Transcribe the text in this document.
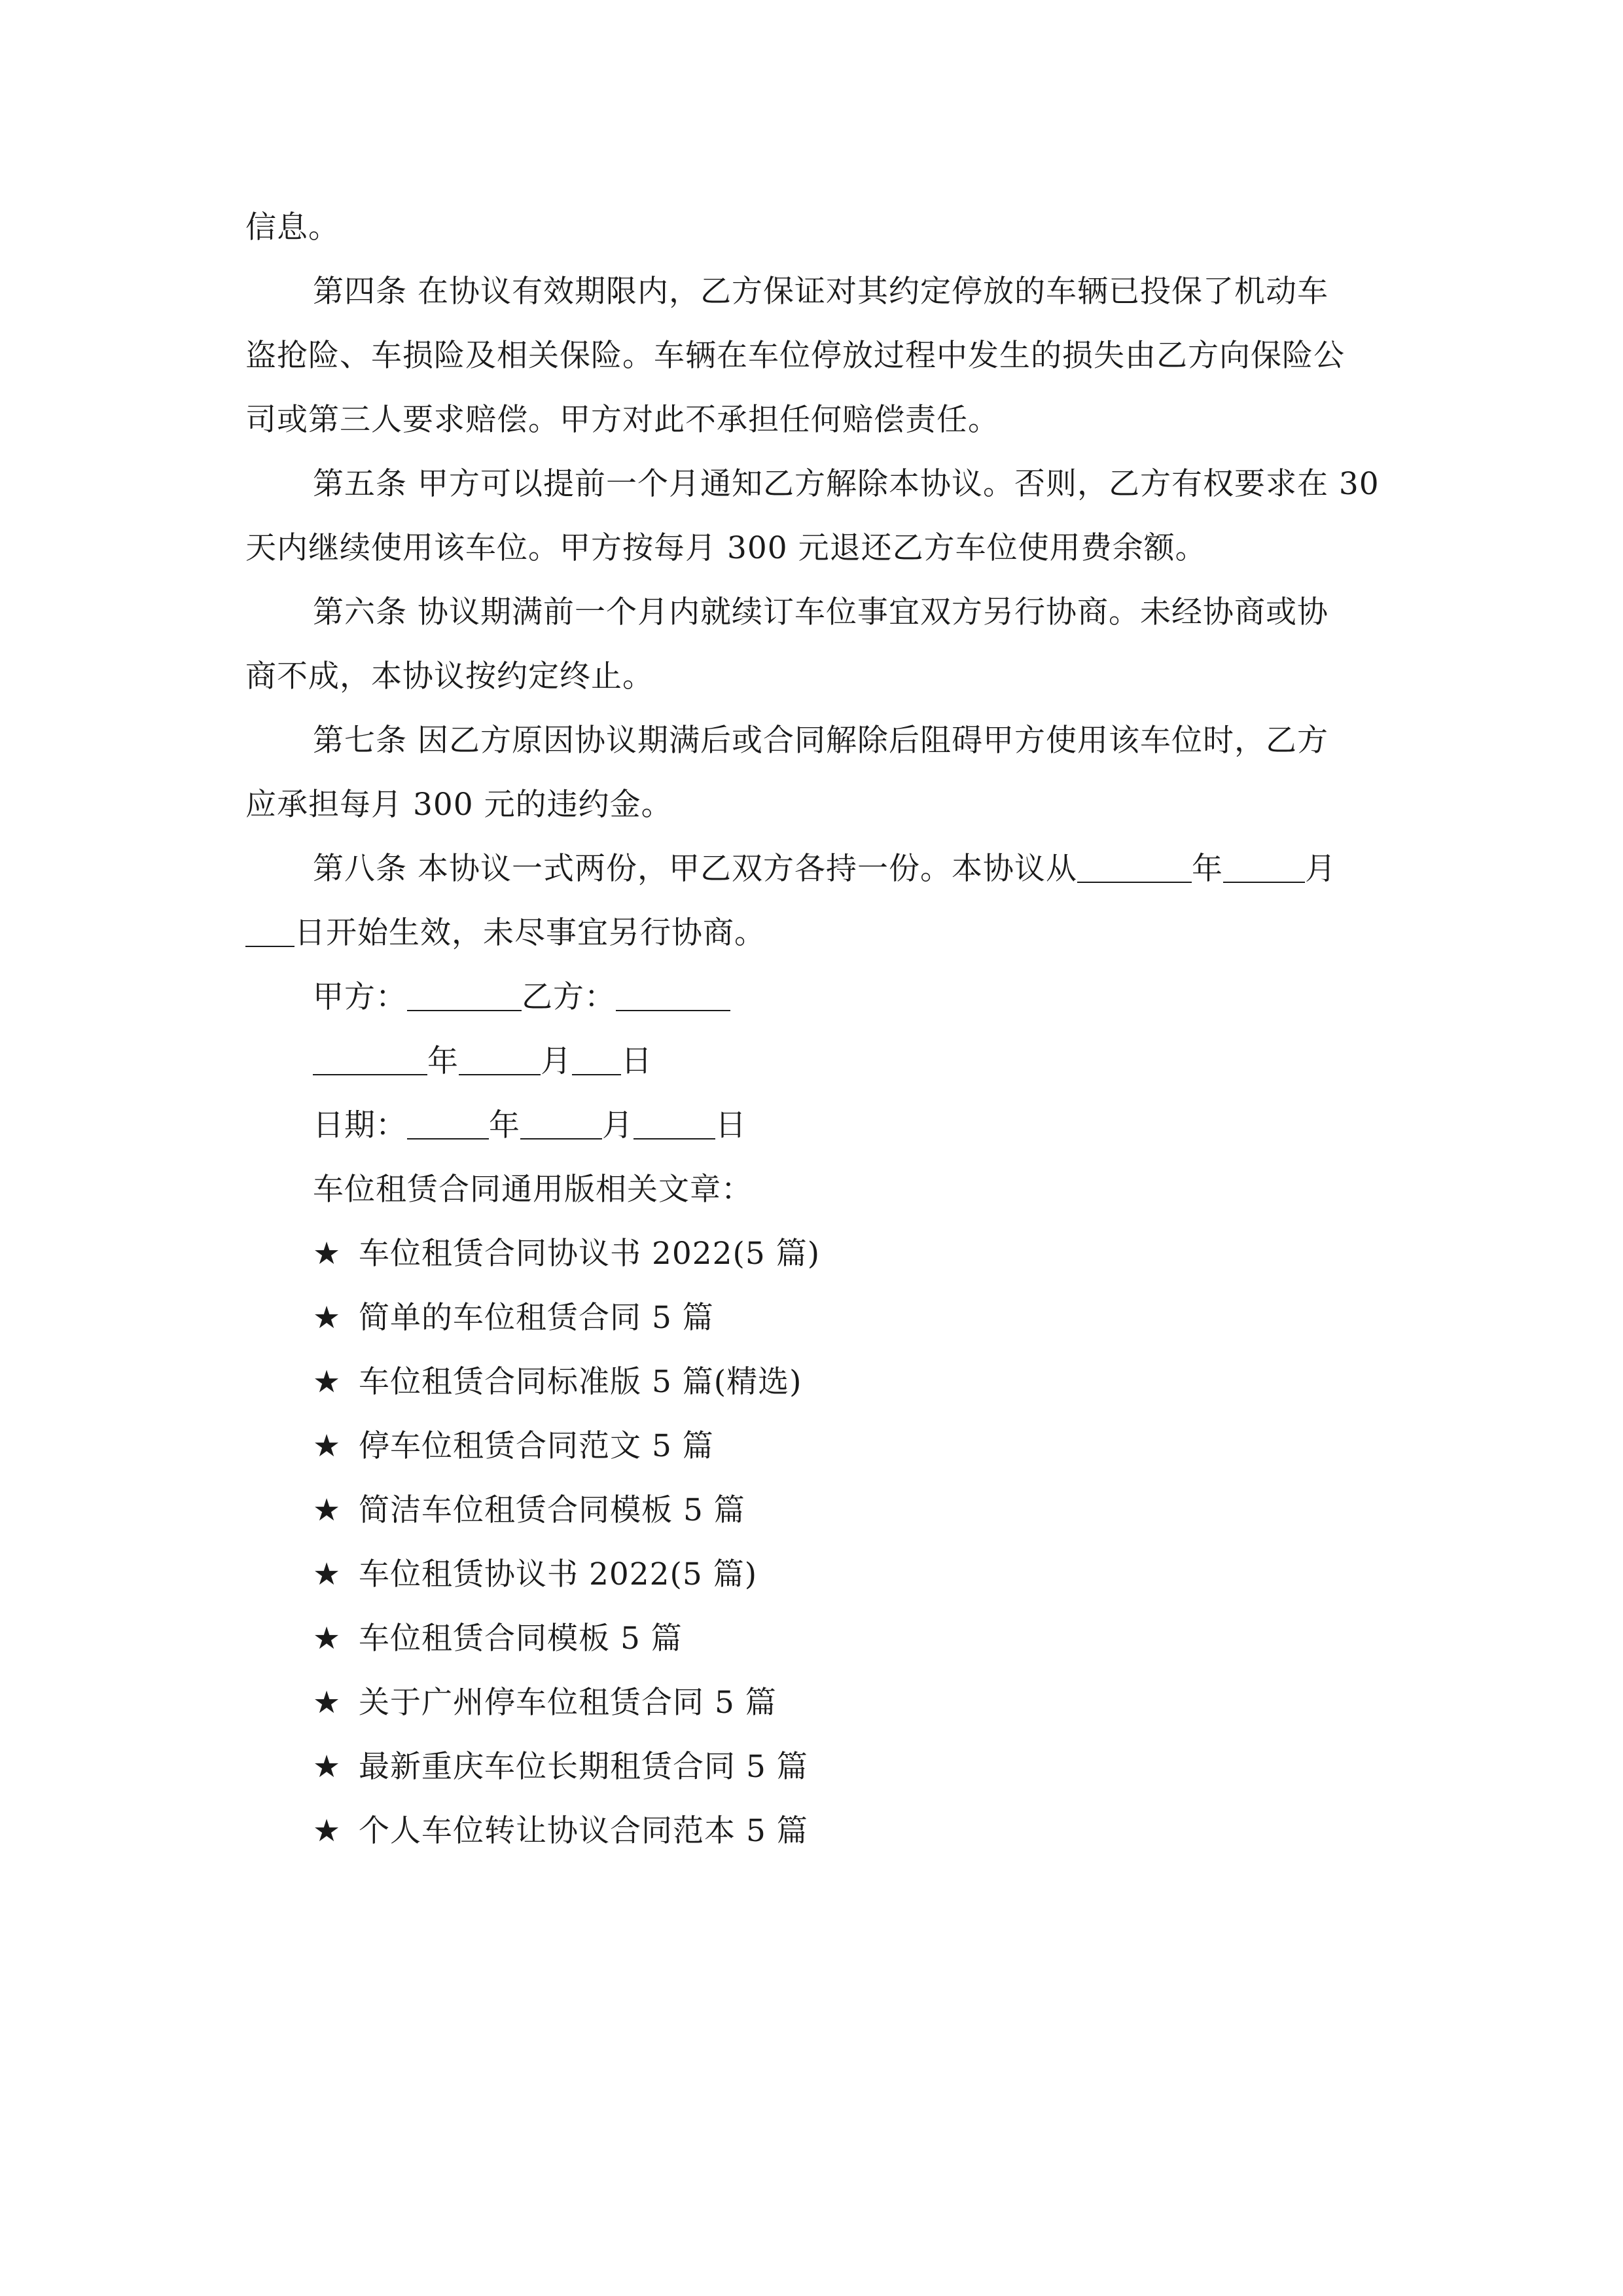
信息。
第四条 在协议有效期限内，乙方保证对其约定停放的车辆已投保了机动车
盗抢险、车损险及相关保险。车辆在车位停放过程中发生的损失由乙方向保险公
司或第三人要求赔偿。甲方对此不承担任何赔偿责任。
第五条 甲方可以提前一个月通知乙方解除本协议。否则，乙方有权要求在 30
天内继续使用该车位。甲方按每月 300 元退还乙方车位使用费余额。
第六条 协议期满前一个月内就续订车位事宜双方另行协商。未经协商或协
商不成，本协议按约定终止。
第七条 因乙方原因协议期满后或合同解除后阻碍甲方使用该车位时，乙方
应承担每月 300 元的违约金。
第八条 本协议一式两份，甲乙双方各持一份。本协议从	年	月
日开始生效，未尽事宜另行协商。
甲方：	乙方：
年	月 日
日期：	年	月	日
车位租赁合同通用版相关文章：
★ 车位租赁合同协议书 2022(5 篇)
★ 简单的车位租赁合同 5 篇
★ 车位租赁合同标准版 5 篇(精选)
★ 停车位租赁合同范文 5 篇
★ 简洁车位租赁合同模板 5 篇
★ 车位租赁协议书 2022(5 篇)
★ 车位租赁合同模板 5 篇
★ 关于广州停车位租赁合同 5 篇
★ 最新重庆车位长期租赁合同 5 篇
★ 个人车位转让协议合同范本 5 篇
